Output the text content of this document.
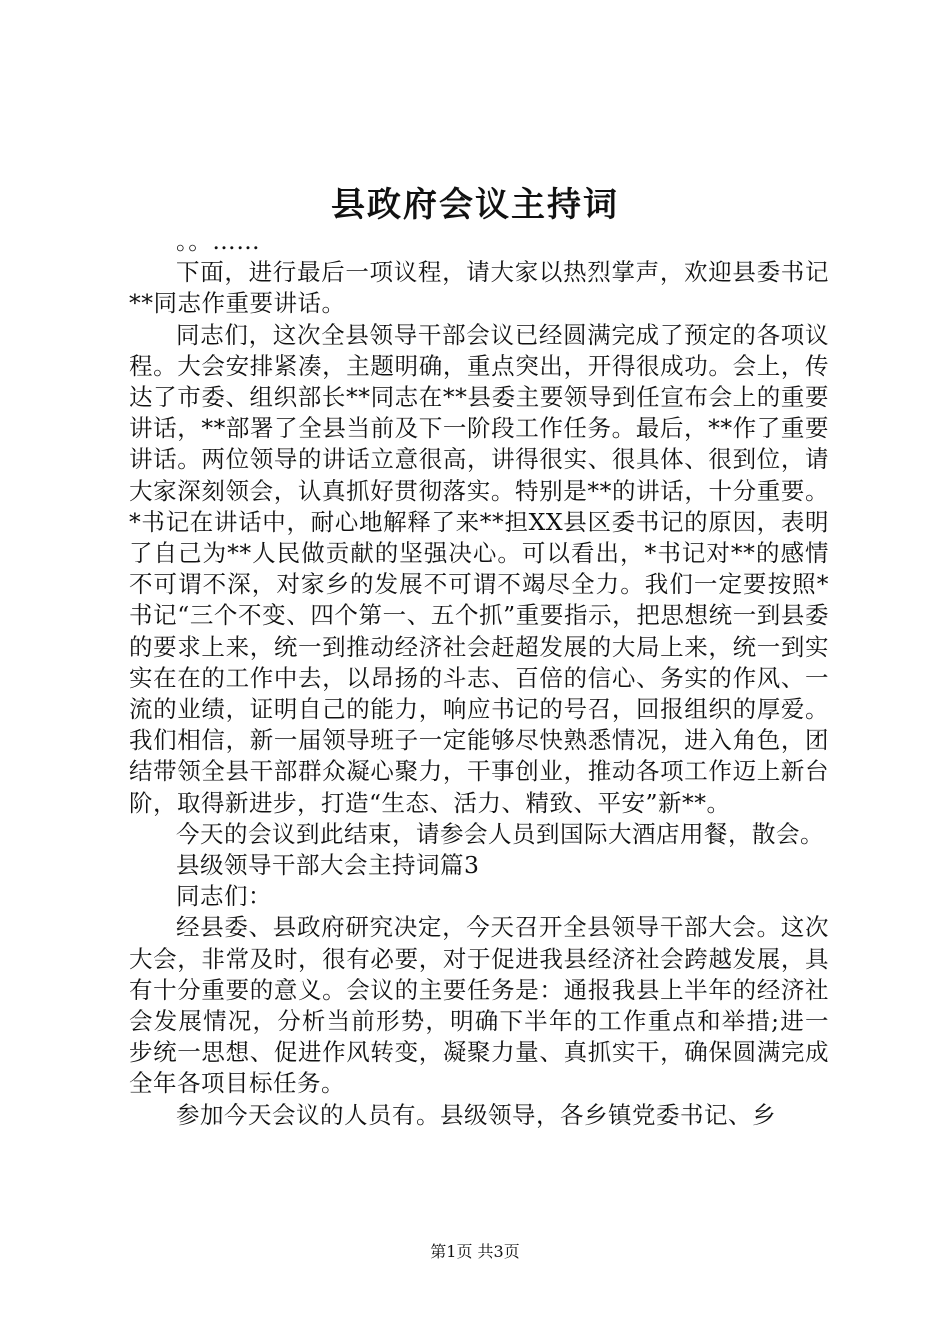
县政府会议主持词

。。……

下面，进行最后一项议程，请大家以热烈掌声，欢迎县委书记**同志作重要讲话。

同志们，这次全县领导干部会议已经圆满完成了预定的各项议程。大会安排紧凑，主题明确，重点突出，开得很成功。会上，传达了市委、组织部长**同志在**县委主要领导到任宣布会上的重要讲话，**部署了全县当前及下一阶段工作任务。最后，**作了重要讲话。两位领导的讲话立意很高，讲得很实、很具体、很到位，请大家深刻领会，认真抓好贯彻落实。特别是**的讲话，十分重要。*书记在讲话中，耐心地解释了来**担XX县区委书记的原因，表明了自己为**人民做贡献的坚强决心。可以看出，*书记对**的感情不可谓不深，对家乡的发展不可谓不竭尽全力。我们一定要按照*书记“三个不变、四个第一、五个抓”重要指示，把思想统一到县委的要求上来，统一到推动经济社会赶超发展的大局上来，统一到实实在在的工作中去，以昂扬的斗志、百倍的信心、务实的作风、一流的业绩，证明自己的能力，响应书记的号召，回报组织的厚爱。我们相信，新一届领导班子一定能够尽快熟悉情况，进入角色，团结带领全县干部群众凝心聚力，干事创业，推动各项工作迈上新台阶，取得新进步，打造“生态、活力、精致、平安”新**。

今天的会议到此结束，请参会人员到国际大酒店用餐，散会。

县级领导干部大会主持词篇3

同志们：

经县委、县政府研究决定，今天召开全县领导干部大会。这次大会，非常及时，很有必要，对于促进我县经济社会跨越发展，具有十分重要的意义。会议的主要任务是：通报我县上半年的经济社会发展情况，分析当前形势，明确下半年的工作重点和举措;进一步统一思想、促进作风转变，凝聚力量、真抓实干，确保圆满完成全年各项目标任务。

参加今天会议的人员有。县级领导，各乡镇党委书记、乡

第1页 共3页
